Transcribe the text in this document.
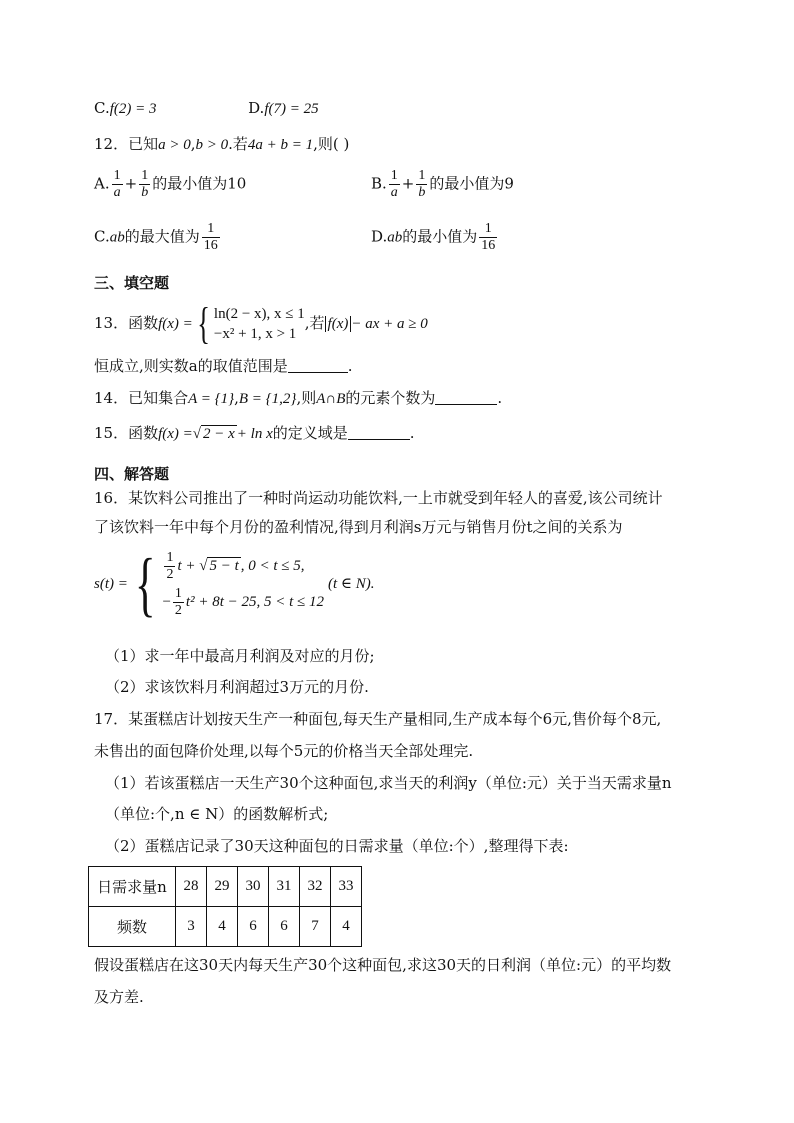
C.f(2) = 3	D.f(7) = 25
12．已知a > 0,b > 0.若4a + b = 1,则( )
A. $\frac{1}{a} + \frac{1}{b}$ 的最小值为10	B. $\frac{1}{a} + \frac{1}{b}$ 的最小值为9
C.ab的最大值为 $\frac{1}{16}$	D.ab的最小值为 $\frac{1}{16}$
三、填空题
13．函数f(x) ={ ln(2 − x), x ≤ 1
−x² + 1, x > 1
,若 f(x) − ax + a ≥ 0
恒成立,则实数a的取值范围是	.
14．已知集合A = {1},B = {1,2},则A∩B的元素个数为	.
15．函数f(x) =√ 2 − x + ln x的定义域是	.
四、解答题
16．某饮料公司推出了一种时尚运动功能饮料,一上市就受到年轻人的喜爱,该公司统计
了该饮料一年中每个月份的盈利情况,得到月利润s万元与销售月份t之间的关系为
s(t) ={ $\frac{1}{2}$ t + √ 5 − t , 0 < t ≤ 5,
− $\frac{1}{2} t^2 + 8t - 25$, 5 < t ≤ 12
(t ∈ N).
（1）求一年中最高月利润及对应的月份;
（2）求该饮料月利润超过3万元的月份.
17．某蛋糕店计划按天生产一种面包,每天生产量相同,生产成本每个6元,售价每个8元,
未售出的面包降价处理,以每个5元的价格当天全部处理完.
（1）若该蛋糕店一天生产30个这种面包,求当天的利润y（单位:元）关于当天需求量n
（单位:个,n ∈ N）的函数解析式;
（2）蛋糕店记录了30天这种面包的日需求量（单位:个）,整理得下表:
日需求量n	28	29	30	31	32	33
频数	3	4	6	6	7	4
假设蛋糕店在这30天内每天生产30个这种面包,求这30天的日利润（单位:元）的平均数
及方差.
